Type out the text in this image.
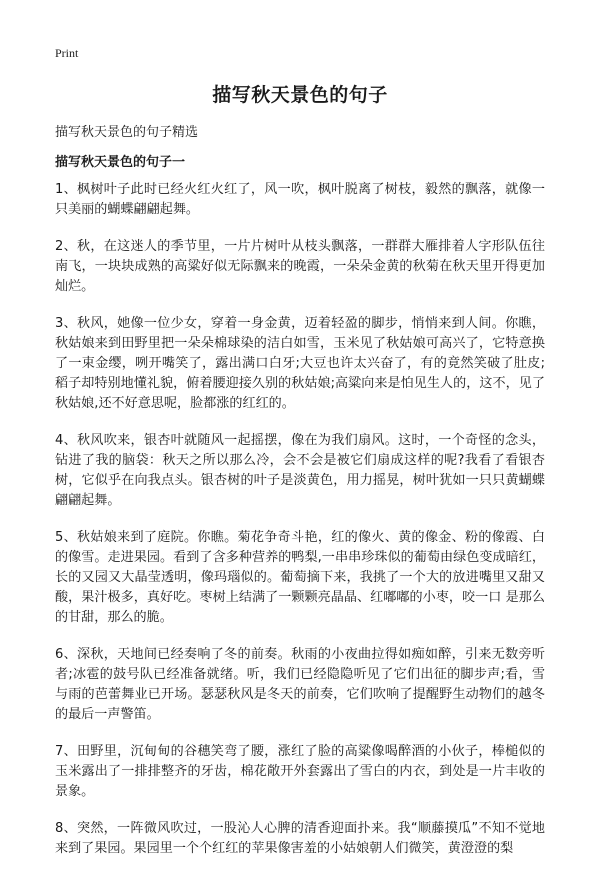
Print
描写秋天景色的句子
描写秋天景色的句子精选
描写秋天景色的句子一

1、枫树叶子此时已经火红火红了，风一吹，枫叶脱离了树枝，毅然的飘落，就像一只美丽的蝴蝶翩翩起舞。

2、秋，在这迷人的季节里，一片片树叶从枝头飘落，一群群大雁排着人字形队伍往南飞，一块块成熟的高粱好似无际飘来的晚霞，一朵朵金黄的秋菊在秋天里开得更加灿烂。

3、秋风，她像一位少女，穿着一身金黄，迈着轻盈的脚步，悄悄来到人间。你瞧，秋姑娘来到田野里把一朵朵棉球染的洁白如雪，玉米见了秋姑娘可高兴了，它特意换了一束金缨，咧开嘴笑了，露出满口白牙;大豆也许太兴奋了，有的竟然笑破了肚皮;稻子却特别地懂礼貌，俯着腰迎接久别的秋姑娘;高粱向来是怕见生人的，这不，见了秋姑娘,还不好意思呢，脸都涨的红红的。

4、秋风吹来，银杏叶就随风一起摇摆，像在为我们扇风。这时，一个奇怪的念头，钻进了我的脑袋：秋天之所以那么冷，会不会是被它们扇成这样的呢?我看了看银杏树，它似乎在向我点头。银杏树的叶子是淡黄色，用力摇晃，树叶犹如一只只黄蝴蝶翩翩起舞。

5、秋姑娘来到了庭院。你瞧。菊花争奇斗艳，红的像火、黄的像金、粉的像霞、白的像雪。走进果园。看到了含多种营养的鸭梨,一串串珍珠似的葡萄由绿色变成暗红，长的又园又大晶莹透明，像玛瑙似的。葡萄摘下来，我挑了一个大的放进嘴里又甜又酸，果汁极多，真好吃。枣树上结满了一颗颗亮晶晶、红嘟嘟的小枣，咬一口 是那么的甘甜，那么的脆。

6、深秋，天地间已经奏响了冬的前奏。秋雨的小夜曲拉得如痴如醉，引来无数旁听者;冰雹的鼓号队已经准备就绪。听，我们已经隐隐听见了它们出征的脚步声;看，雪与雨的芭蕾舞业已开场。瑟瑟秋风是冬天的前奏，它们吹响了提醒野生动物们的越冬的最后一声警笛。

7、田野里，沉甸甸的谷穗笑弯了腰，涨红了脸的高粱像喝醉酒的小伙子，棒槌似的玉米露出了一排排整齐的牙齿，棉花敞开外套露出了雪白的内衣，到处是一片丰收的景象。

8、突然，一阵微风吹过，一股沁人心脾的清香迎面扑来。我“顺藤摸瓜”不知不觉地来到了果园。果园里一个个红红的苹果像害羞的小姑娘朝人们微笑，黄澄澄的梨
